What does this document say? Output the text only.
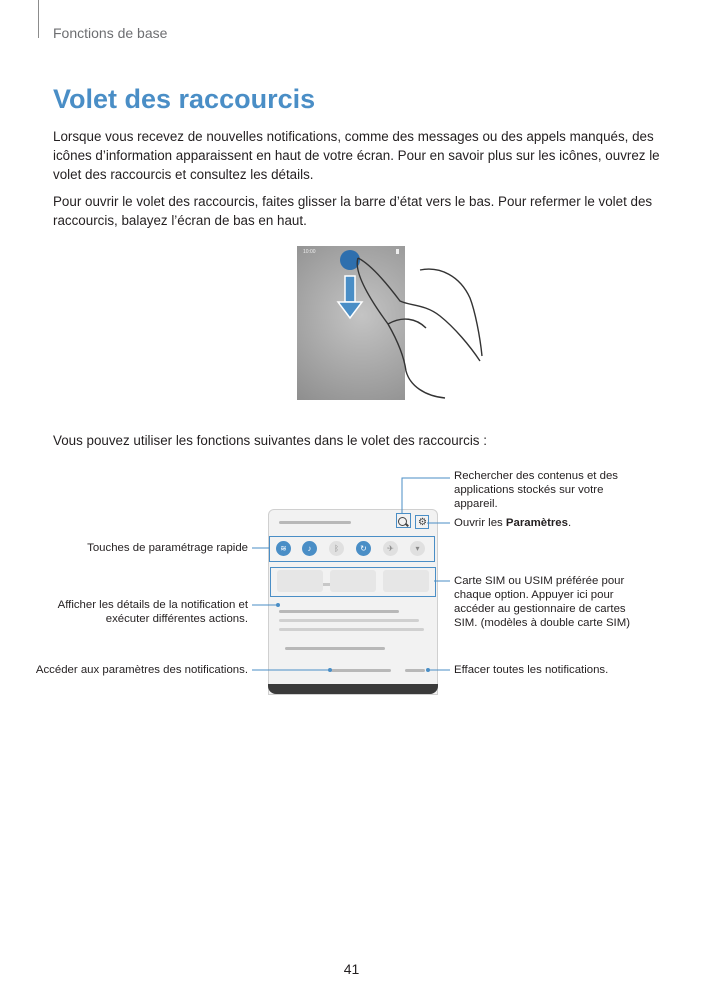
Fonctions de base
Volet des raccourcis

Lorsque vous recevez de nouvelles notifications, comme des messages ou des appels manqués, des icônes d’information apparaissent en haut de votre écran. Pour en savoir plus sur les icônes, ouvrez le volet des raccourcis et consultez les détails.

Pour ouvrir le volet des raccourcis, faites glisser la barre d’état vers le bas. Pour refermer le volet des raccourcis, balayez l’écran de bas en haut.

10:00

Vous pouvez utiliser les fonctions suivantes dans le volet des raccourcis :

⚙
≋	♪	ᛒ	↻	✈	▾

Rechercher des contenus et des applications stockés sur votre appareil.

Ouvrir les Paramètres.

Touches de paramétrage rapide

Carte SIM ou USIM préférée pour chaque option. Appuyer ici pour accéder au gestionnaire de cartes SIM. (modèles à double carte SIM)

Afficher les détails de la notification et exécuter différentes actions.

Accéder aux paramètres des notifications.	Effacer toutes les notifications.

41
